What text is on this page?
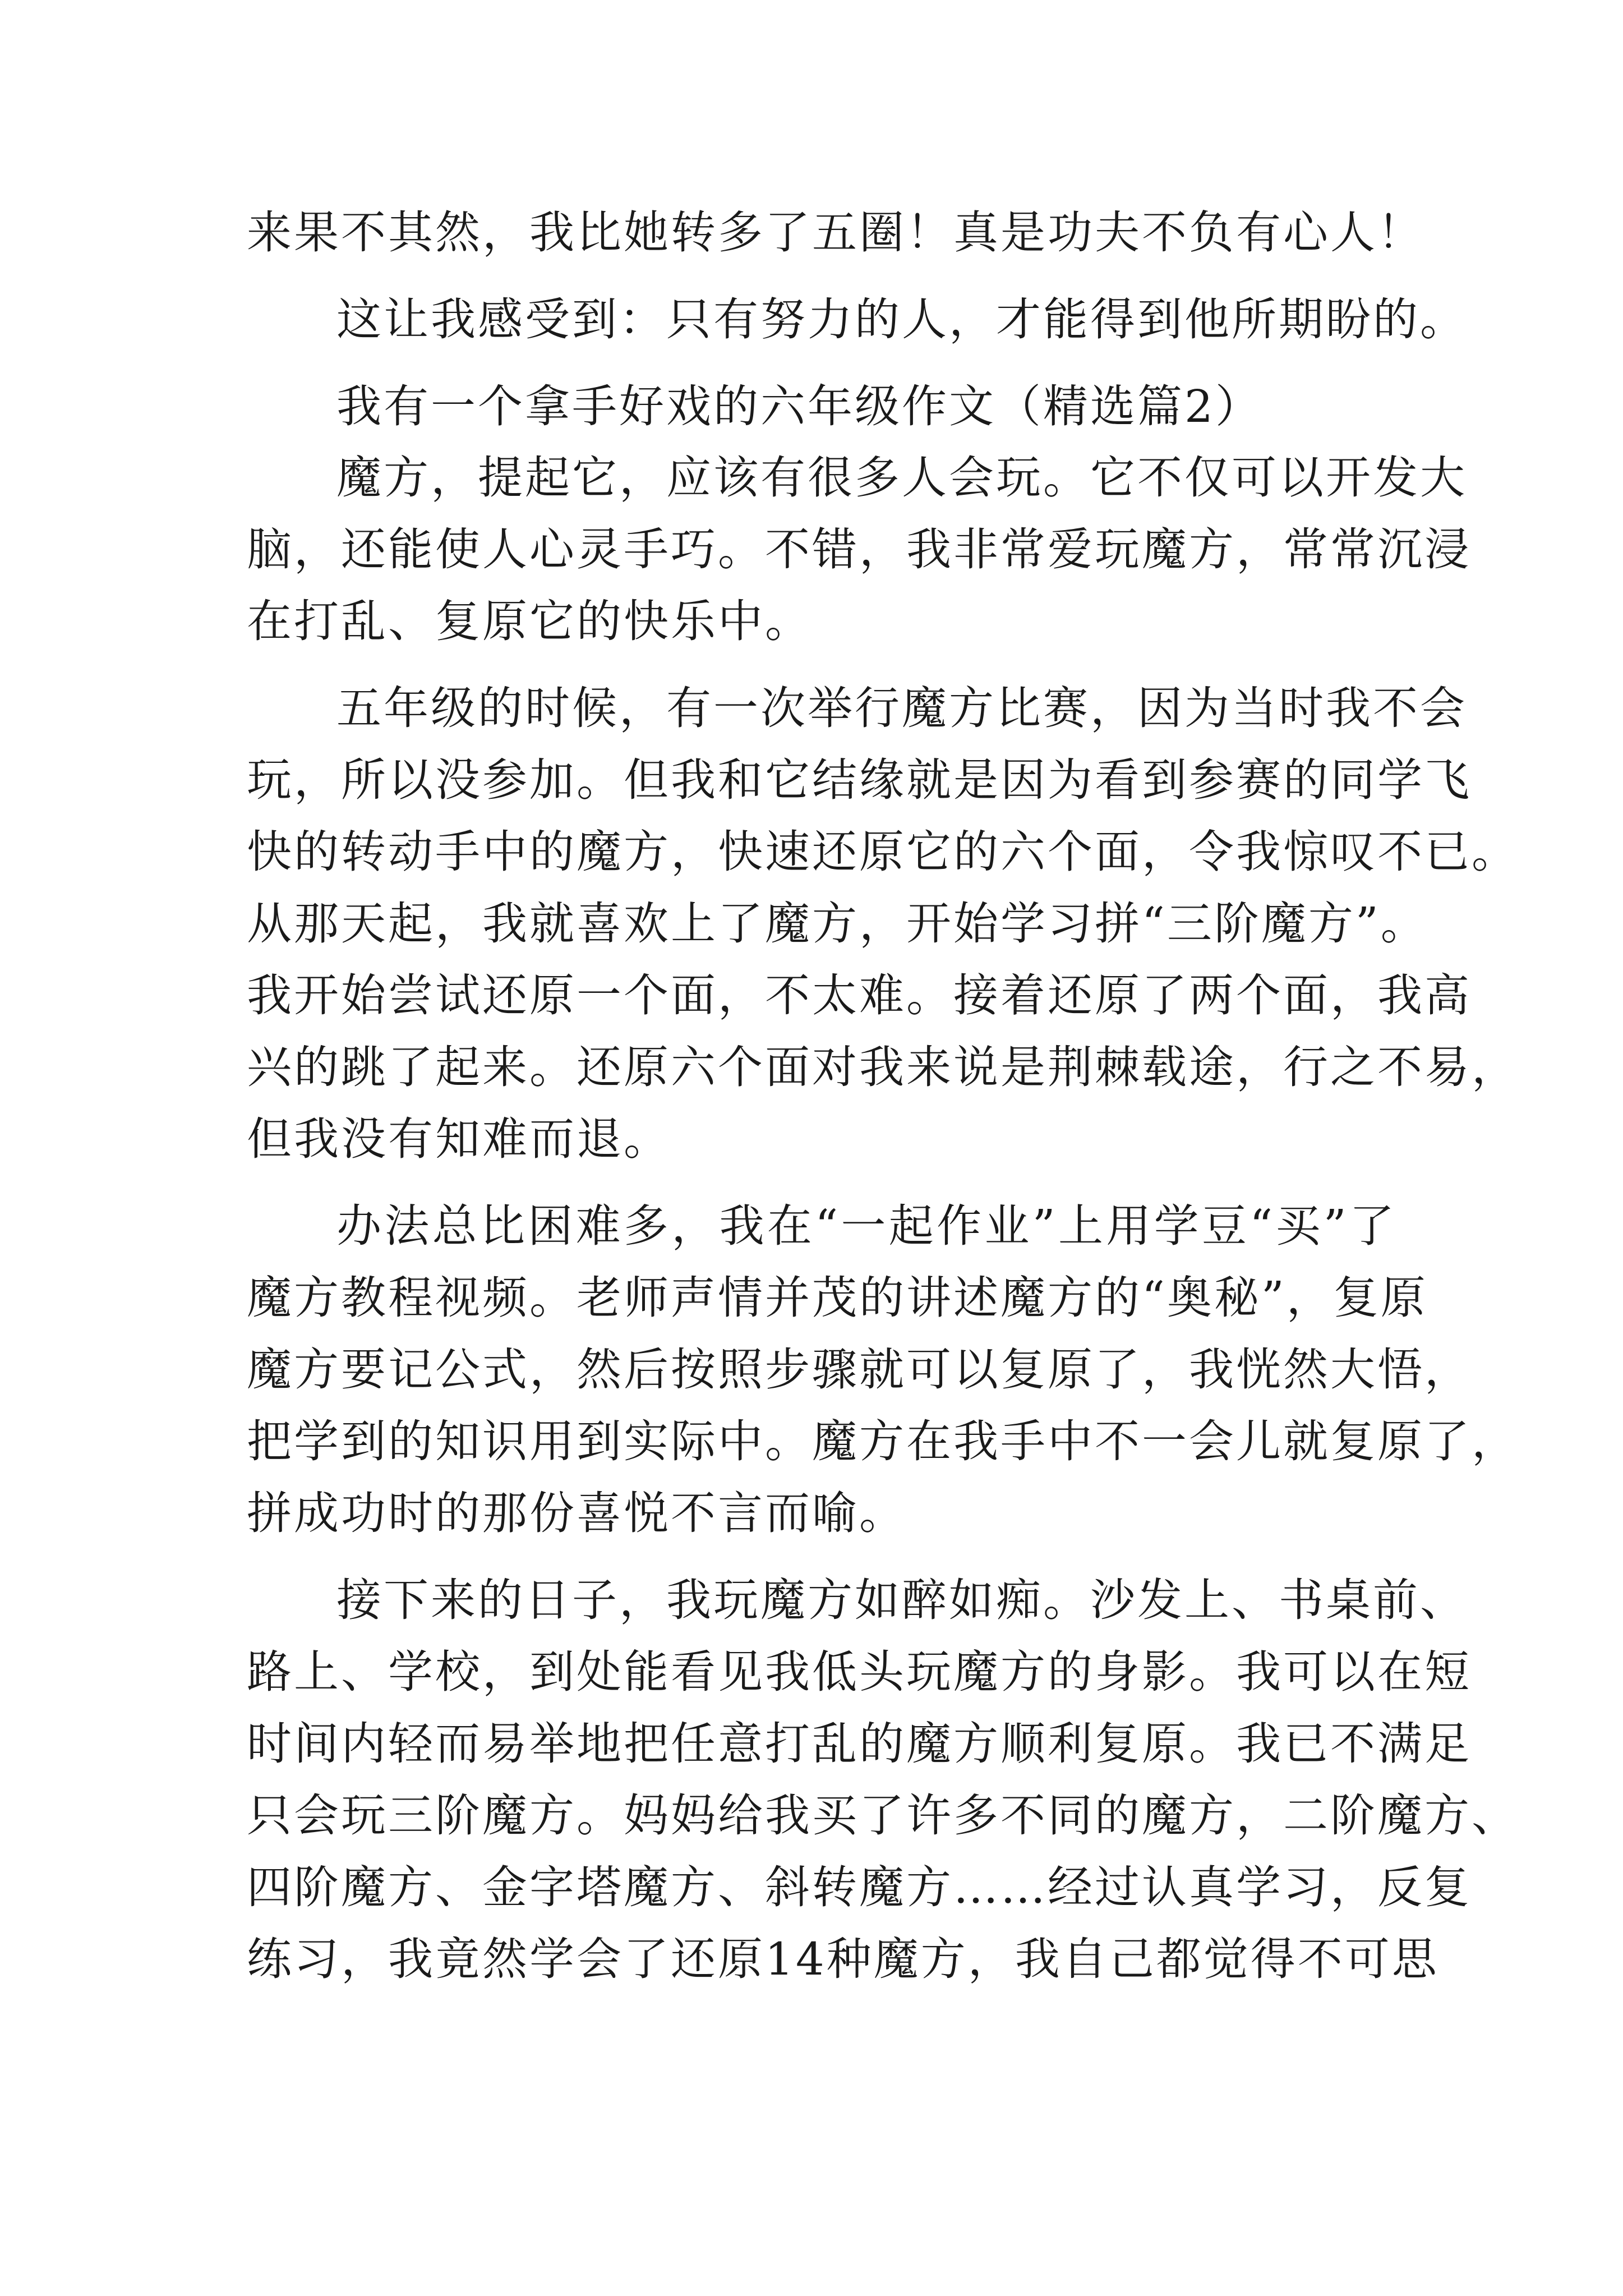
来果不其然，我比她转多了五圈！真是功夫不负有心人！
这让我感受到：只有努力的人，才能得到他所期盼的。
我有一个拿手好戏的六年级作文（精选篇2）
魔方，提起它，应该有很多人会玩。它不仅可以开发大
脑，还能使人心灵手巧。不错，我非常爱玩魔方，常常沉浸
在打乱、复原它的快乐中。
五年级的时候，有一次举行魔方比赛，因为当时我不会
玩，所以没参加。但我和它结缘就是因为看到参赛的同学飞
快的转动手中的魔方，快速还原它的六个面，令我惊叹不已。
从那天起，我就喜欢上了魔方，开始学习拼“三阶魔方”。
我开始尝试还原一个面，不太难。接着还原了两个面，我高
兴的跳了起来。还原六个面对我来说是荆棘载途，行之不易，
但我没有知难而退。
办法总比困难多，我在“一起作业”上用学豆“买”了
魔方教程视频。老师声情并茂的讲述魔方的“奥秘”，复原
魔方要记公式，然后按照步骤就可以复原了，我恍然大悟，
把学到的知识用到实际中。魔方在我手中不一会儿就复原了，
拼成功时的那份喜悦不言而喻。
接下来的日子，我玩魔方如醉如痴。沙发上、书桌前、
路上、学校，到处能看见我低头玩魔方的身影。我可以在短
时间内轻而易举地把任意打乱的魔方顺利复原。我已不满足
只会玩三阶魔方。妈妈给我买了许多不同的魔方，二阶魔方、
四阶魔方、金字塔魔方、斜转魔方……经过认真学习，反复
练习，我竟然学会了还原14种魔方，我自己都觉得不可思
